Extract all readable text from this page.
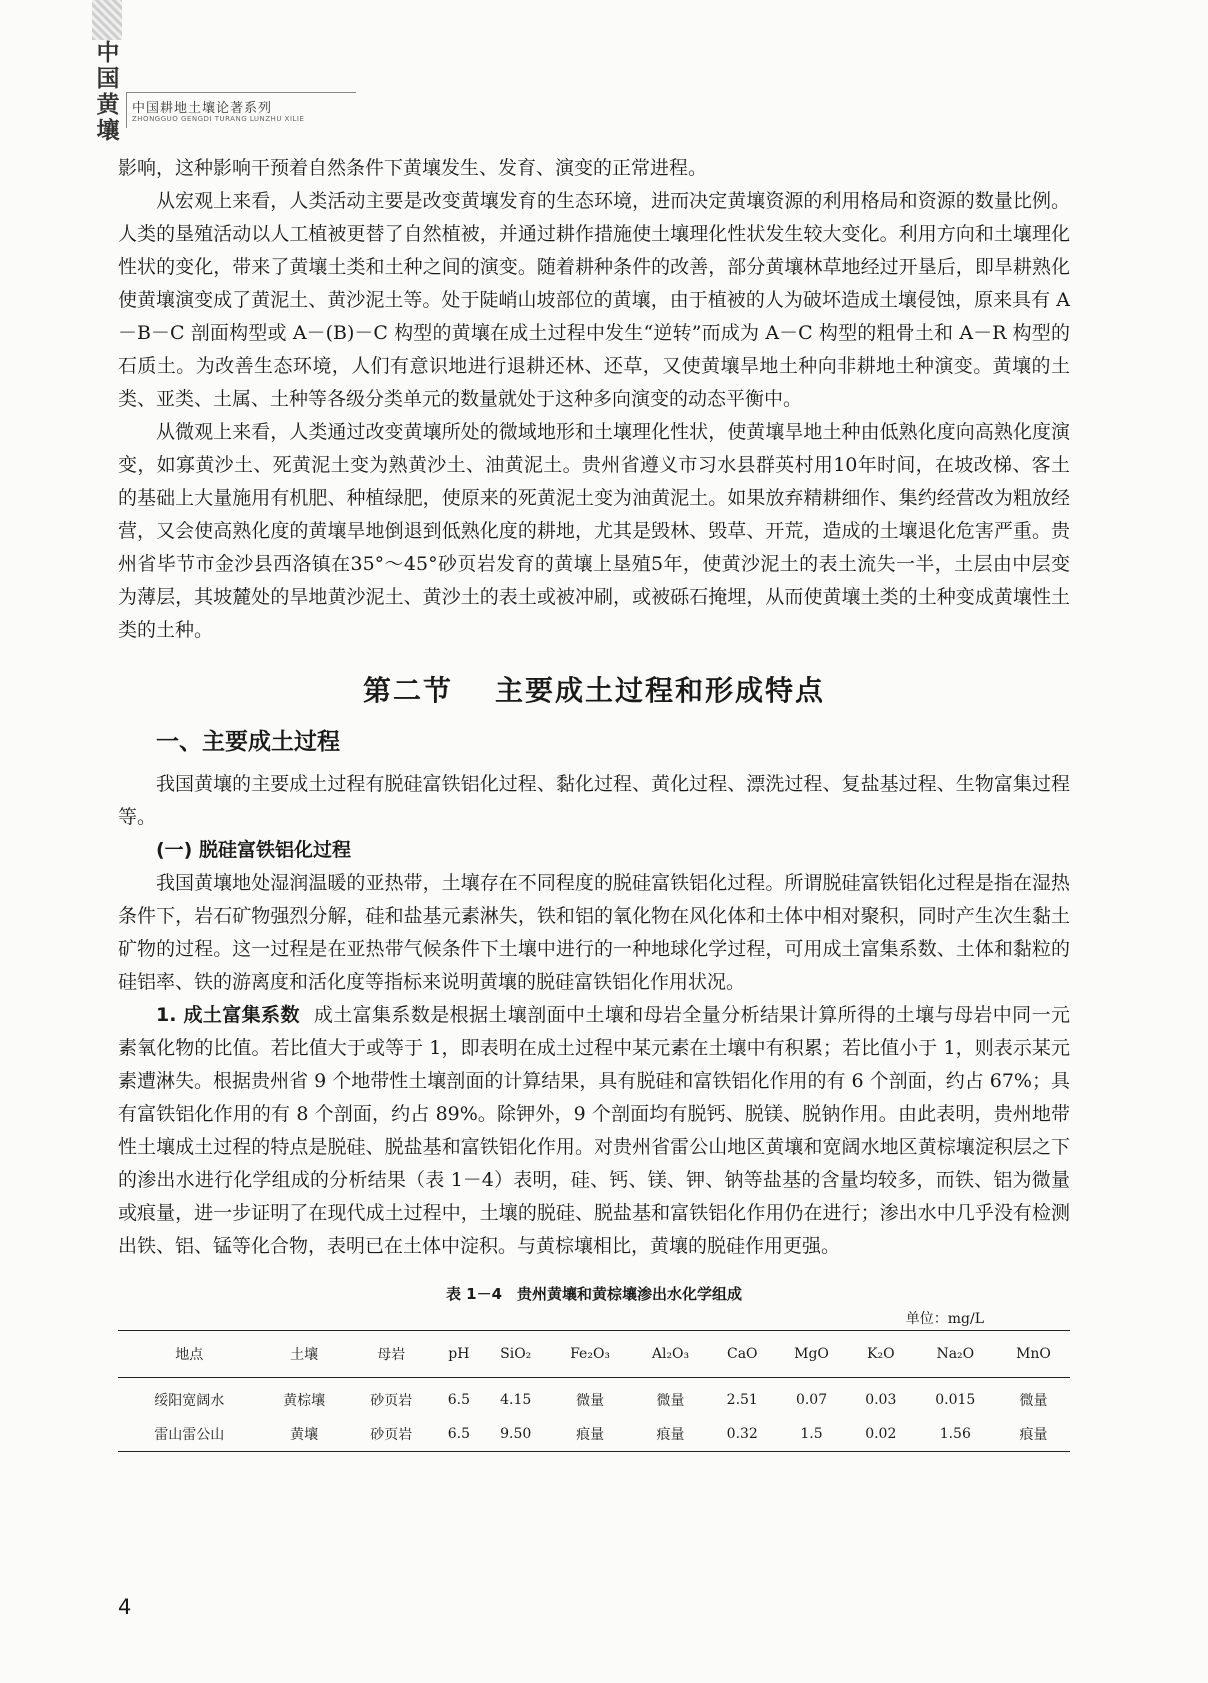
中
国
黄
壤
中国耕地土壤论著系列
ZHONGGUO GENGDI TURANG LUNZHU XILIE

影响，这种影响干预着自然条件下黄壤发生、发育、演变的正常进程。

从宏观上来看，人类活动主要是改变黄壤发育的生态环境，进而决定黄壤资源的利用格局和资源的数量比例。人类的垦殖活动以人工植被更替了自然植被，并通过耕作措施使土壤理化性状发生较大变化。利用方向和土壤理化性状的变化，带来了黄壤土类和土种之间的演变。随着耕种条件的改善，部分黄壤林草地经过开垦后，即旱耕熟化使黄壤演变成了黄泥土、黄沙泥土等。处于陡峭山坡部位的黄壤，由于植被的人为破坏造成土壤侵蚀，原来具有 A－B－C 剖面构型或 A－(B)－C 构型的黄壤在成土过程中发生“逆转”而成为 A－C 构型的粗骨土和 A－R 构型的石质土。为改善生态环境，人们有意识地进行退耕还林、还草，又使黄壤旱地土种向非耕地土种演变。黄壤的土类、亚类、土属、土种等各级分类单元的数量就处于这种多向演变的动态平衡中。

从微观上来看，人类通过改变黄壤所处的微域地形和土壤理化性状，使黄壤旱地土种由低熟化度向高熟化度演变，如寡黄沙土、死黄泥土变为熟黄沙土、油黄泥土。贵州省遵义市习水县群英村用10年时间，在坡改梯、客土的基础上大量施用有机肥、种植绿肥，使原来的死黄泥土变为油黄泥土。如果放弃精耕细作、集约经营改为粗放经营，又会使高熟化度的黄壤旱地倒退到低熟化度的耕地，尤其是毁林、毁草、开荒，造成的土壤退化危害严重。贵州省毕节市金沙县西洛镇在35°～45°砂页岩发育的黄壤上垦殖5年，使黄沙泥土的表土流失一半，土层由中层变为薄层，其坡麓处的旱地黄沙泥土、黄沙土的表土或被冲刷，或被砾石掩埋，从而使黄壤土类的土种变成黄壤性土类的土种。

第二节 主要成土过程和形成特点
一、主要成土过程

我国黄壤的主要成土过程有脱硅富铁铝化过程、黏化过程、黄化过程、漂洗过程、复盐基过程、生物富集过程等。

(一) 脱硅富铁铝化过程

我国黄壤地处湿润温暖的亚热带，土壤存在不同程度的脱硅富铁铝化过程。所谓脱硅富铁铝化过程是指在湿热条件下，岩石矿物强烈分解，硅和盐基元素淋失，铁和铝的氧化物在风化体和土体中相对聚积，同时产生次生黏土矿物的过程。这一过程是在亚热带气候条件下土壤中进行的一种地球化学过程，可用成土富集系数、土体和黏粒的硅铝率、铁的游离度和活化度等指标来说明黄壤的脱硅富铁铝化作用状况。

1. 成土富集系数 成土富集系数是根据土壤剖面中土壤和母岩全量分析结果计算所得的土壤与母岩中同一元素氧化物的比值。若比值大于或等于 1，即表明在成土过程中某元素在土壤中有积累；若比值小于 1，则表示某元素遭淋失。根据贵州省 9 个地带性土壤剖面的计算结果，具有脱硅和富铁铝化作用的有 6 个剖面，约占 67%；具有富铁铝化作用的有 8 个剖面，约占 89%。除钾外，9 个剖面均有脱钙、脱镁、脱钠作用。由此表明，贵州地带性土壤成土过程的特点是脱硅、脱盐基和富铁铝化作用。对贵州省雷公山地区黄壤和宽阔水地区黄棕壤淀积层之下的渗出水进行化学组成的分析结果（表 1－4）表明，硅、钙、镁、钾、钠等盐基的含量均较多，而铁、铝为微量或痕量，进一步证明了在现代成土过程中，土壤的脱硅、脱盐基和富铁铝化作用仍在进行；渗出水中几乎没有检测出铁、铝、锰等化合物，表明已在土体中淀积。与黄棕壤相比，黄壤的脱硅作用更强。

表 1－4　贵州黄壤和黄棕壤渗出水化学组成
单位：mg/L
地点	土壤	母岩	pH	SiO₂	Fe₂O₃	Al₂O₃	CaO	MgO	K₂O	Na₂O	MnO
绥阳宽阔水	黄棕壤	砂页岩	6.5	4.15	微量	微量	2.51	0.07	0.03	0.015	微量
雷山雷公山	黄壤	砂页岩	6.5	9.50	痕量	痕量	0.32	1.5	0.02	1.56	痕量
4
